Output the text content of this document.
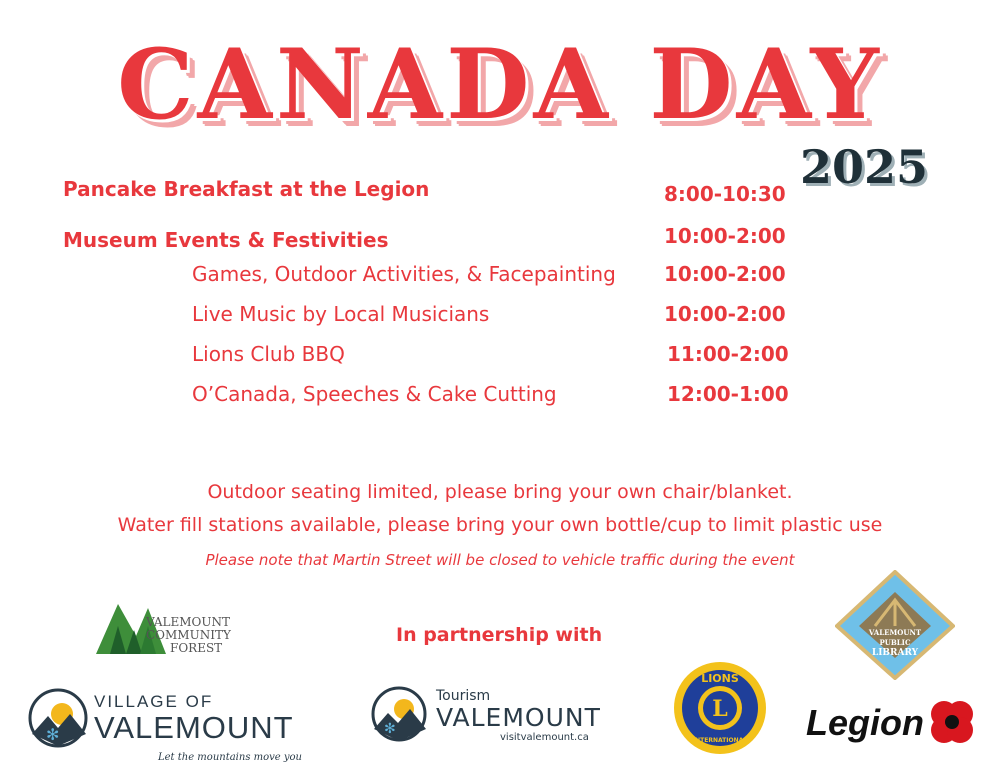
CANADA DAY
2025
Pancake Breakfast at the Legion	8:00-10:30
Museum Events & Festivities	10:00-2:00
Games, Outdoor Activities, & Facepainting 10:00-2:00
Live Music by Local Musicians	10:00-2:00
Lions Club BBQ	11:00-2:00
O’Canada, Speeches & Cake Cutting	12:00-1:00
Outdoor seating limited, please bring your own chair/blanket.
Water fill stations available, please bring your own bottle/cup to limit plastic use
Please note that Martin Street will be closed to vehicle traffic during the event
In partnership with
VALEMOUNT
COMMUNITY
FOREST
✻
VILLAGE OF
VALEMOUNT
Let the mountains move you
✻
Tourism
VALEMOUNT
visitvalemount.ca
L
LIONS
INTERNATIONAL
VALEMOUNT PUBLIC
LIBRARY
Legion
